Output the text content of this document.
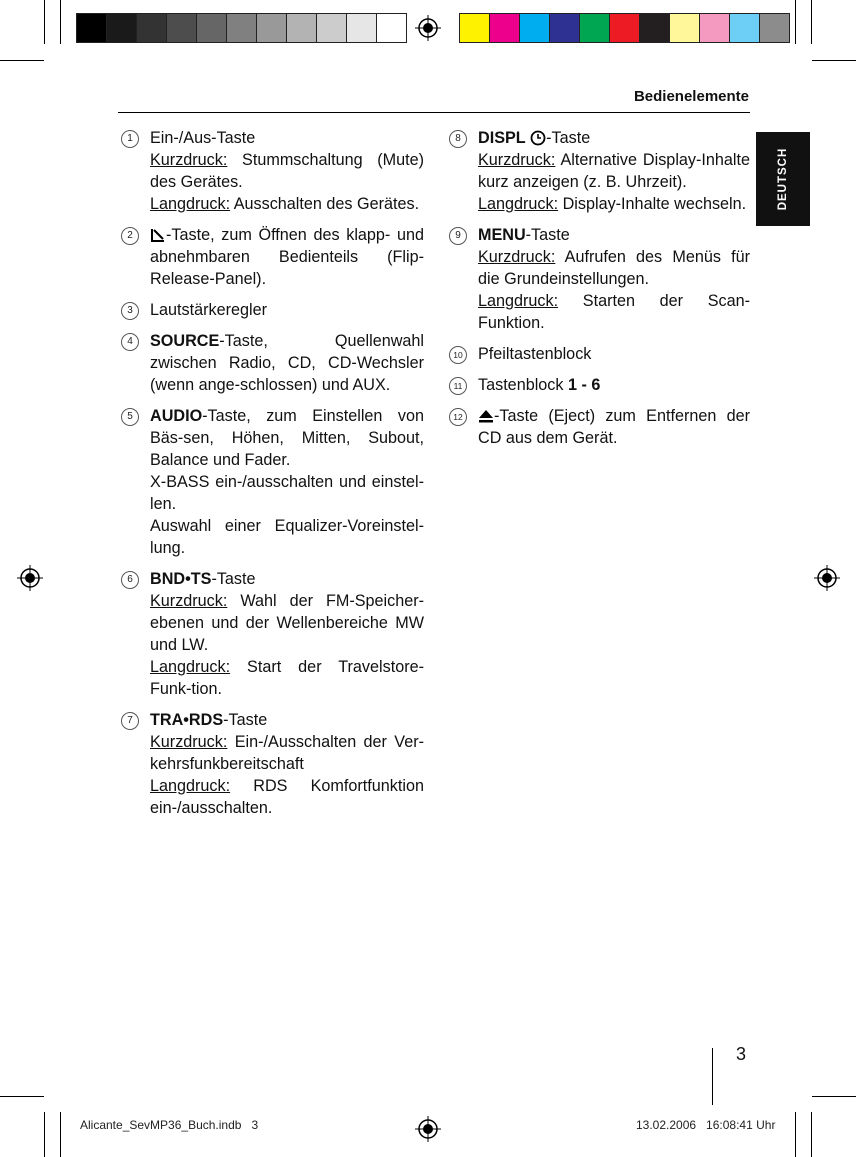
Bedienelemente
DEUTSCH
1	Ein-/Aus-Taste
Kurzdruck: Stummschaltung (Mute) des Gerätes.
Langdruck: Ausschalten des Gerätes.
2	-Taste, zum Öffnen des klapp- und abnehmbaren Bedienteils (Flip-Release-Panel).
3	Lautstärkeregler
4	SOURCE-Taste, Quellenwahl zwischen Radio, CD, CD-Wechsler (wenn ange-schlossen) und AUX.
5	AUDIO-Taste, zum Einstellen von Bäs-sen, Höhen, Mitten, Subout, Balance und Fader.
X-BASS ein-/ausschalten und einstel-len.
Auswahl einer Equalizer-Voreinstel-lung.
6	BND•TS-Taste
Kurzdruck: Wahl der FM-Speicher-ebenen und der Wellenbereiche MW und LW.
Langdruck: Start der Travelstore-Funk-tion.
7	TRA•RDS-Taste
Kurzdruck: Ein-/Ausschalten der Ver-kehrsfunkbereitschaft
Langdruck: RDS Komfortfunktion ein-/ausschalten.
8	DISPL -Taste
Kurzdruck: Alternative Display-Inhalte kurz anzeigen (z. B. Uhrzeit).
Langdruck: Display-Inhalte wechseln.
9	MENU-Taste
Kurzdruck: Aufrufen des Menüs für die Grundeinstellungen.
Langdruck: Starten der Scan-Funktion.
10 Pfeiltastenblock
11 Tastenblock 1 - 6
12	-Taste (Eject) zum Entfernen der CD aus dem Gerät.
3
Alicante_SevMP36_Buch.indb   3	13.02.2006   16:08:41 Uhr
